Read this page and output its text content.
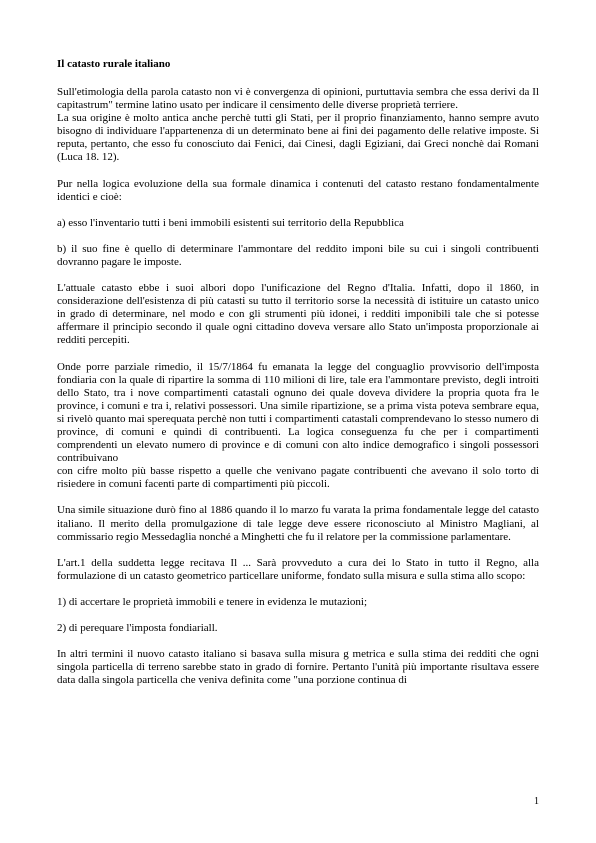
Il catasto rurale italiano

Sull'etimologia della parola catasto non vi è convergenza di opinioni, purtuttavia sembra che essa derivi da Il capitastrum" termine latino usato per indicare il censimento delle diverse proprietà terriere.

La sua origine è molto antica anche perchè tutti gli Stati, per il proprio finanziamento, hanno sempre avuto bisogno di individuare l'appartenenza di un determinato bene ai fini dei pagamento delle relative imposte. Si reputa, pertanto, che esso fu conosciuto dai Fenici, dai Cinesi, dagli Egiziani, dai Greci nonchè dai Romani (Luca 18. 12).

Pur nella logica evoluzione della sua formale dinamica i contenuti del catasto restano fondamentalmente identici e cioè:

a) esso l'inventario tutti i beni immobili esistenti sui territorio della Repubblica

b) il suo fine è quello di determinare l'ammontare del reddito imponi bile su cui i singoli contribuenti dovranno pagare le imposte.

L'attuale catasto ebbe i suoi albori dopo l'unificazione del Regno d'Italia. Infatti, dopo il 1860, in considerazione dell'esistenza di più catasti su tutto il territorio sorse la necessità di istituire un catasto unico in grado di determinare, nel modo e con gli strumenti più idonei, i redditi imponibili tale che si potesse affermare il principio secondo il quale ogni cittadino doveva versare allo Stato un'imposta proporzionale ai redditi percepiti.

Onde porre parziale rimedio, il 15/7/1864 fu emanata la legge del conguaglio provvisorio dell'imposta fondiaria con la quale di ripartire la somma di 110 milioni di lire, tale era l'ammontare previsto, degli introiti dello Stato, tra i nove compartimenti catastali ognuno dei quale doveva dividere la propria quota fra le province, i comuni e tra i, relativi possessori. Una simile ripartizione, se a prima vista poteva sembrare equa, si rivelò quanto mai sperequata perchè non tutti i compartimenti catastali comprendevano lo stesso numero di province, di comuni e quindi di contribuenti. La logica conseguenza fu che per i compartimenti comprendenti un elevato numero di province e di comuni con alto indice demografico i singoli possessori contribuivano

con cifre molto più basse rispetto a quelle che venivano pagate contribuenti che avevano il solo torto di risiedere in comuni facenti parte di compartimenti più piccoli.

Una simile situazione durò fino al 1886 quando il lo marzo fu varata la prima fondamentale legge del catasto italiano. Il merito della promulgazione di tale legge deve essere riconosciuto al Ministro Magliani, al commissario regio Messedaglia nonché a Minghetti che fu il relatore per la commissione parlamentare.

L'art.1 della suddetta legge recitava Il ... Sarà provveduto a cura dei lo Stato in tutto il Regno, alla formulazione di un catasto geometrico particellare uniforme, fondato sulla misura e sulla stima allo scopo:

1) di accertare le proprietà immobili e tenere in evidenza le mutazioni;

2) di perequare l'imposta fondiariall.

In altri termini il nuovo catasto italiano si basava sulla misura g metrica e sulla stima dei redditi che ogni singola particella di terreno sarebbe stato in grado di fornire. Pertanto l'unità più importante risultava essere data dalla singola particella che veniva definita come "una porzione continua di

1
